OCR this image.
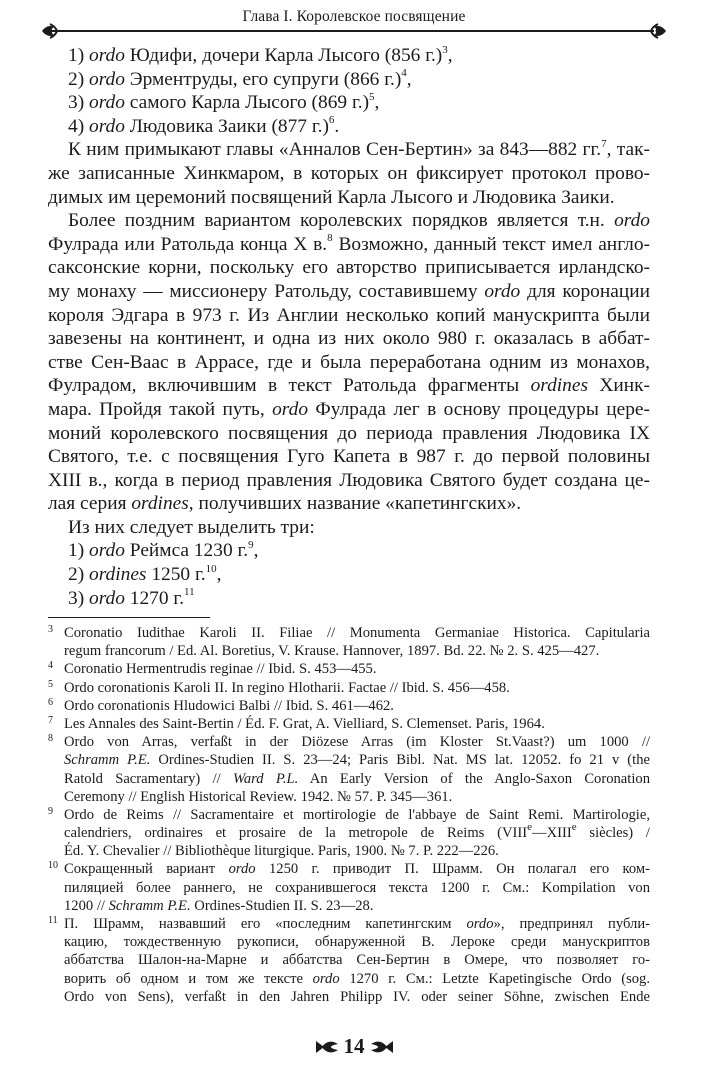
Глава I. Королевское посвящение
1) ordo Юдифи, дочери Карла Лысого (856 г.)$^3$,
2) ordo Эрментруды, его супруги (866 г.)$^4$,
3) ordo самого Карла Лысого (869 г.)$^5$,
4) ordo Людовика Заики (877 г.)$^6$.
К ним примыкают главы «Анналов Сен-Бертин» за 843—882 гг.$^7$, так-
же записанные Хинкмаром, в которых он фиксирует протокол прово-
димых им церемоний посвящений Карла Лысого и Людовика Заики.
Более поздним вариантом королевских порядков является т.н. ordo
Фулрада или Ратольда конца X в.$^8$ Возможно, данный текст имел англо-
саксонские корни, поскольку его авторство приписывается ирландско-
му монаху — миссионеру Ратольду, составившему ordo для коронации
короля Эдгара в 973 г. Из Англии несколько копий манускрипта были
завезены на континент, и одна из них около 980 г. оказалась в аббат-
стве Сен-Ваас в Аррасе, где и была переработана одним из монахов,
Фулрадом, включившим в текст Ратольда фрагменты ordines Хинк-
мара. Пройдя такой путь, ordo Фулрада лег в основу процедуры цере-
моний королевского посвящения до периода правления Людовика IX
Святого, т.е. с посвящения Гуго Капета в 987 г. до первой половины
XIII в., когда в период правления Людовика Святого будет создана це-
лая серия ordines, получивших название «капетингских».
Из них следует выделить три:
1) ordo Реймса 1230 г.$^9$,
2) ordines 1250 г.$^{10}$,
3) ordo 1270 г.$^{11}$
3 Coronatio Iudithae Karoli II. Filiae // Monumenta Germaniae Historica. Capitularia
regum francorum / Ed. Al. Boretius, V. Krause. Hannover, 1897. Bd. 22. № 2. S. 425—427.
4 Coronatio Hermentrudis reginae // Ibid. S. 453—455.
5 Ordo coronationis Karoli II. In regino Hlotharii. Factae // Ibid. S. 456—458.
6 Ordo coronationis Hludowici Balbi // Ibid. S. 461—462.
7 Les Annales des Saint-Bertin / Éd. F. Grat, A. Vielliard, S. Clemenset. Paris, 1964.
8 Ordo von Arras, verfaßt in der Diözese Arras (im Kloster St.Vaast?) um 1000 //
Schramm P.E. Ordines-Studien II. S. 23—24; Paris Bibl. Nat. MS lat. 12052. fo 21 v (the
Ratold Sacramentary) // Ward P.L. An Early Version of the Anglo-Saxon Coronation
Ceremony // English Historical Review. 1942. № 57. P. 345—361.
9 Ordo de Reims // Sacramentaire et mortirologie de l'abbaye de Saint Remi. Martirologie,
calendriers, ordinaires et prosaire de la metropole de Reims (VIIIe—XIIIe siècles) /
Éd. Y. Chevalier // Bibliothèque liturgique. Paris, 1900. № 7. P. 222—226.
10 Сокращенный вариант ordo 1250 г. приводит П. Шрамм. Он полагал его ком-
пиляцией более раннего, не сохранившегося текста 1200 г. См.: Kompilation von
1200 // Schramm P.E. Ordines-Studien II. S. 23—28.
11 П. Шрамм, назвавший его «последним капетингским ordo», предпринял публи-
кацию, тождественную рукописи, обнаруженной В. Лероке среди манускриптов
аббатства Шалон-на-Марне и аббатства Сен-Бертин в Омере, что позволяет го-
ворить об одном и том же тексте ordo 1270 г. См.: Letzte Kapetingische Ordo (sog.
Ordo von Sens), verfaßt in den Jahren Philipp IV. oder seiner Söhne, zwischen Ende
14
